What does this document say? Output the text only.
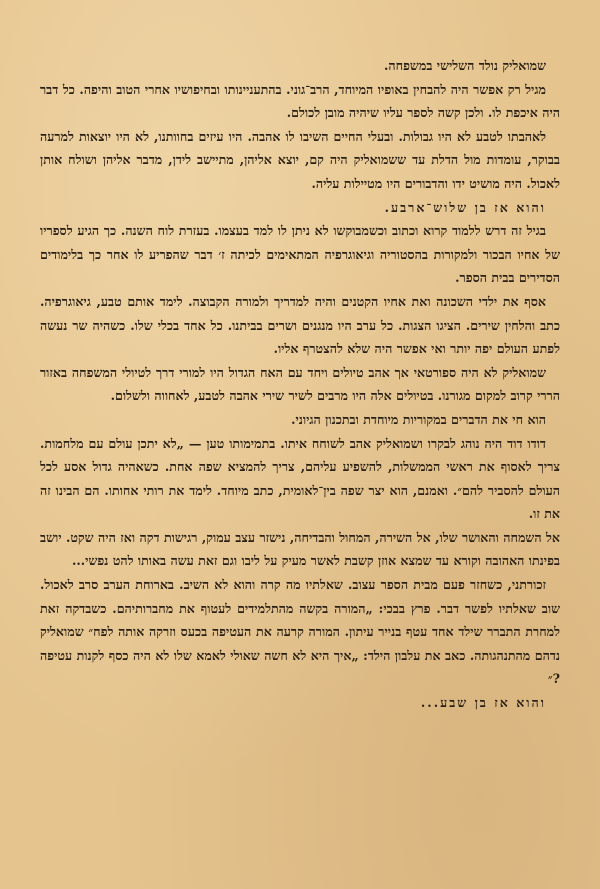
שמואליק נולד השלישי במשפחה.

מגיל רק אפשר היה להבחין באופיו המיוחד, הרב־גוני. בהתעניינותו ובחיפושיו אחרי הטוב והיפה. כל דבר היה איכפת לו. ולכן קשה לספר עליו שיהיה מובן לכולם.

לאהבתו לטבע לא היו גבולות. ובעלי החיים השיבו לו אהבה. היו עיזים בחוותנו, לא היו יוצאות למרעה בבוקר, עומדות מול הדלת עד ששמואליק היה קם, יוצא אליהן, מתיישב לידן, מדבר אליהן ושולח אותן לאכול. היה מושיט ידו והדבורים היו מטיילות עליה.

והוא אז בן שלוש־ארבע.

בגיל זה דרש ללמוד קרוא וכתוב וכשמבוקשו לא ניתן לו למד בעצמו. בעזרת לוח השנה. כך הגיע לספריו של אחיו הבכור ולמקורות בהסטוריה וגיאוגרפיה המתאימים לכיתה ז׳ דבר שהפריע לו אחר כך בלימודים הסדירים בבית הספר.

אסף את ילדי השכונה ואת אחיו הקטנים והיה למדריך ולמורה הקבוצה. לימד אותם טבע, גיאוגרפיה. כתב והלחין שירים. הציגו הצגות. כל ערב היו מנגנים ושרים בביתנו. כל אחד בכלי שלו. כשהיה שר נעשה לפתע העולם יפה יותר ואי אפשר היה שלא להצטרף אליו.

שמואליק לא היה ספורטאי אך אהב טיולים ויחד עם האח הגדול היו למורי דרך לטיולי המשפחה באזור הררי קרוב למקום מגורנו. בטיולים אלה היו מרבים לשיר שירי אהבה לטבע, לאחווה ולשלום.

הוא חי את הדברים במקוריות מיוחדת ובתכנון הגיוני.

דודו דוד היה נוהג לבקרו ושמואליק אהב לשוחח איתו. בתמימותו טען — „לא יתכן עולם עם מלחמות. צריך לאסוף את ראשי הממשלות, להשפיע עליהם, צריך להמציא שפה אחת. כשאהיה גדול אסע לכל העולם להסביר להם״. ואמנם, הוא יצר שפה בין־לאומית, כתב מיוחד. לימד את רותי אחותו. הם הבינו זה את זו.

אל השמחה והאושר שלו, אל השירה, המחול והבדיחה, נישזר עצב עמוק, רגישות דקה ואז היה שקט. יושב בפינתו האהובה וקורא עד שמצא אוזן קשבת לאשר מעיק על ליבו וגם זאת עשה באותו להט נפשי...

זכורתני, כשחזר פעם מבית הספר עצוב. שאלתיו מה קרה והוא לא השיב. בארוחת הערב סרב לאכול. שוב שאלתיו לפשר דבר. פרץ בבכי: „המורה בקשה מהתלמידים לעטוף את מחברותיהם. כשבדקה זאת למחרת התברר שילד אחד עטף בנייר עיתון. המורה קרעה את העטיפה בכעס וזרקה אותה לפח״ שמואליק נדהם מהתנהגותה. כאב את עלבון הילד: „איך היא לא חשה שאולי לאמא שלו לא היה כסף לקנות עטיפה ?״

והוא אז בן שבע...
